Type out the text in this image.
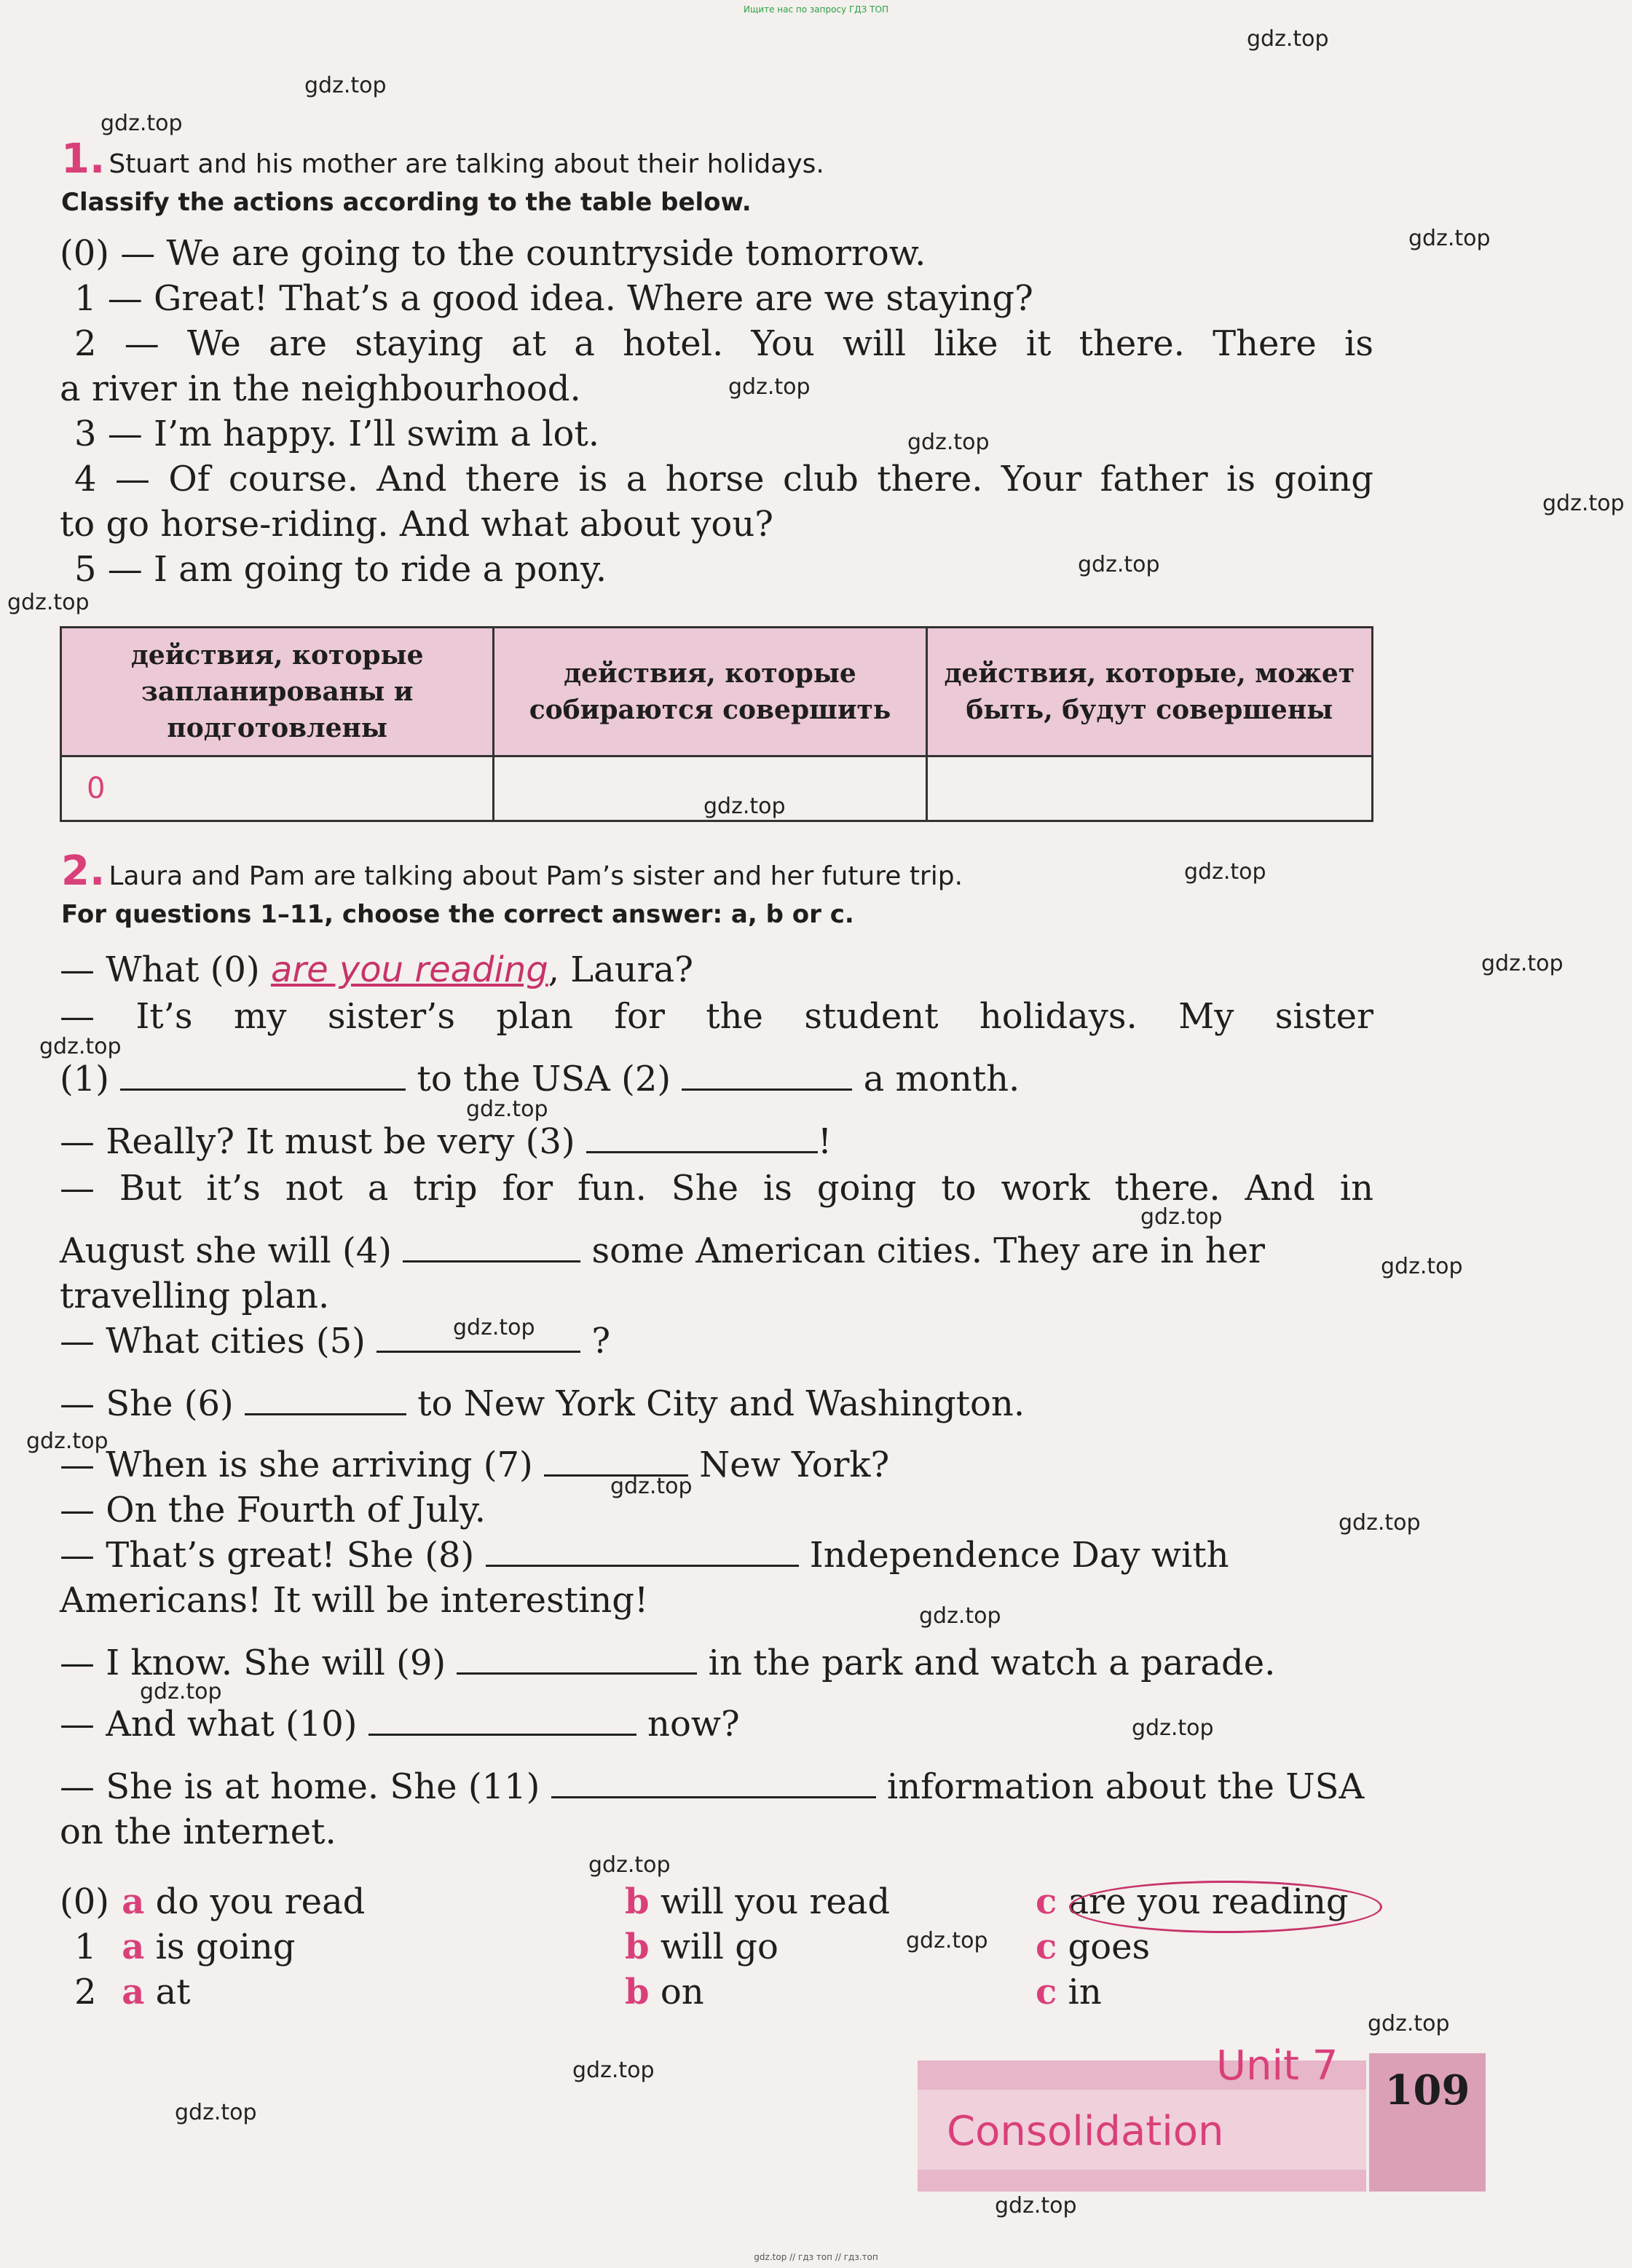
Ищите нас по запросу ГДЗ ТОП
gdz.top
gdz.top
gdz.top
gdz.top
gdz.top
gdz.top
gdz.top
gdz.top
gdz.top
gdz.top
gdz.top
gdz.top
gdz.top
gdz.top
gdz.top
gdz.top
gdz.top
gdz.top
gdz.top
gdz.top
gdz.top
gdz.top
gdz.top
gdz.top
gdz.top
gdz.top
gdz.top
gdz.top
gdz.top
1. Stuart and his mother are talking about their holidays.
Classify the actions according to the table below.
(0) — We are going to the countryside tomorrow.
1 — Great! That’s a good idea. Where are we staying?
2 — We are staying at a hotel. You will like it there. There is
a river in the neighbourhood.
3 — I’m happy. I’ll swim a lot.
4 — Of course. And there is a horse club there. Your father is going
to go horse-riding. And what about you?
5 — I am going to ride a pony.
действия, которые запланированы и подготовлены	действия, которые собираются совершить	действия, которые, может быть, будут совершены
0		
2. Laura and Pam are talking about Pam’s sister and her future trip.
For questions 1–11, choose the correct answer: a, b or c.
— What (0) are you reading, Laura?
— It’s my sister’s plan for the student holidays. My sister
(1)	to the USA (2)	a month.
— Really? It must be very (3)	!
— But it’s not a trip for fun. She is going to work there. And in
August she will (4)	some American cities. They are in her
travelling plan.
— What cities (5)	?
— She (6)	to New York City and Washington.
— When is she arriving (7)	New York?
— On the Fourth of July.
— That’s great! She (8)	Independence Day with
Americans! It will be interesting!
— I know. She will (9)	in the park and watch a parade.
— And what (10)	now?
— She is at home. She (11)	information about the USA
on the internet.
(0) a do you read	b will you read	c are you reading
1 a is going	b will go	c goes
2 a at	b on	c in
109
Unit 7
Consolidation
gdz.top // гдз топ // гдз.топ
